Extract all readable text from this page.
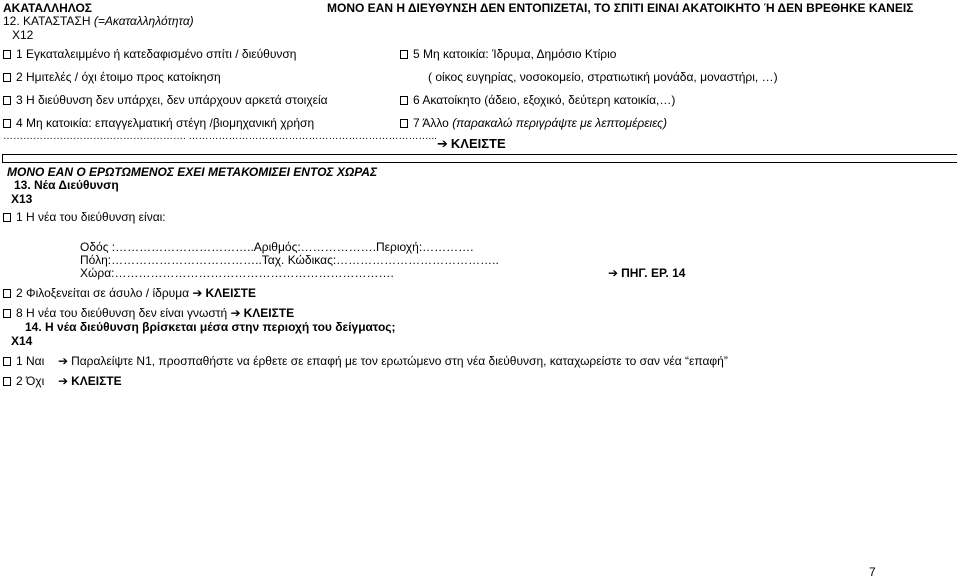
ΑΚΑΤΑΛΛΗΛΟΣ	ΜΟΝΟ ΕΑΝ Η ΔΙΕΥΘΥΝΣΗ ΔΕΝ ΕΝΤΟΠΙΖΕΤΑΙ, ΤΟ ΣΠΙΤΙ ΕΙΝΑΙ ΑΚΑΤΟΙΚΗΤΟ Ή ΔΕΝ ΒΡΕΘΗΚΕ ΚΑΝΕΙΣ
12. ΚΑΤΑΣΤΑΣΗ (=Ακαταλληλότητα)
X12
1 Εγκαταλειμμένο ή κατεδαφισμένο σπίτι / διεύθυνση
2 Ημιτελές / όχι έτοιμο προς κατοίκηση
3 Η διεύθυνση δεν υπάρχει, δεν υπάρχουν αρκετά στοιχεία
4 Μη κατοικία: επαγγελματική στέγη /βιομηχανική χρήση
5 Μη κατοικία: Ίδρυμα, Δημόσιο Κτίριο
( οίκος ευγηρίας, νοσοκομείο, στρατιωτική μονάδα, μοναστήρι, …)
6 Ακατοίκητο (άδειο, εξοχικό, δεύτερη κατοικία,…)
7 Άλλο (παρακαλώ περιγράψτε με λεπτομέρειες)
………………………………………………. ………………………………………………………………... ➔ ΚΛΕΙΣΤΕ
ΜΟΝΟ ΕΑΝ Ο ΕΡΩΤΩΜΕΝΟΣ ΕΧΕΙ ΜΕΤΑΚΟΜΙΣΕΙ ΕΝΤΟΣ ΧΩΡΑΣ
13. Νέα Διεύθυνση
X13
1 Η νέα του διεύθυνση είναι:
Οδός :……………………………..Αριθμός:……………….Περιοχή:………….
Πόλη:………………………………..Ταχ. Κώδικας:…………………………………..
Χώρα:…………………………………………………………….	➔ ΠΗΓ. ΕΡ. 14
2 Φιλοξενείται σε άσυλο / ίδρυμα ➔ ΚΛΕΙΣΤΕ
8 Η νέα του διεύθυνση δεν είναι γνωστή ➔ ΚΛΕΙΣΤΕ
14. Η νέα διεύθυνση βρίσκεται μέσα στην περιοχή του δείγματος;
X14
1 Ναι ➔ Παραλείψτε Ν1, προσπαθήστε να έρθετε σε επαφή με τον ερωτώμενο στη νέα διεύθυνση, καταχωρείστε το σαν νέα “επαφή”
2 Όχι ➔ ΚΛΕΙΣΤΕ
7
